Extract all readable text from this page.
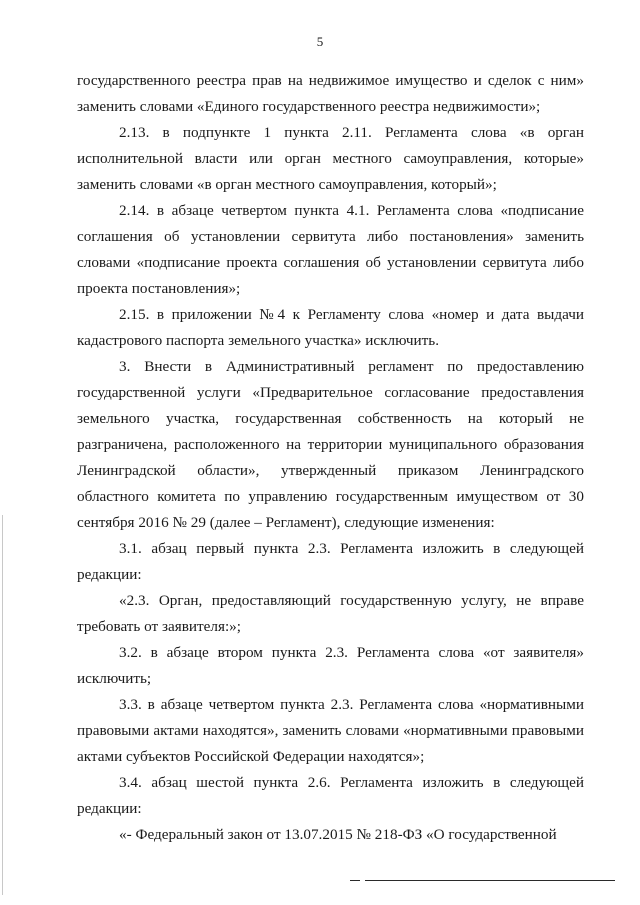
5

государственного реестра прав на недвижимое имущество и сделок с ним» заменить словами «Единого государственного реестра недвижимости»;

2.13. в подпункте 1 пункта 2.11. Регламента слова «в орган исполнительной власти или орган местного самоуправления, которые» заменить словами «в орган местного самоуправления, который»;

2.14. в абзаце четвертом пункта 4.1. Регламента слова «подписание соглашения об установлении сервитута либо постановления» заменить словами «подписание проекта соглашения об установлении сервитута либо проекта постановления»;

2.15. в приложении №4 к Регламенту слова «номер и дата выдачи кадастрового паспорта земельного участка» исключить.

3. Внести в Административный регламент по предоставлению государственной услуги «Предварительное согласование предоставления земельного участка, государственная собственность на который не разграничена, расположенного на территории муниципального образования Ленинградской области», утвержденный приказом Ленинградского областного комитета по управлению государственным имуществом от 30 сентября 2016 № 29 (далее – Регламент), следующие изменения:

3.1. абзац первый пункта 2.3. Регламента изложить в следующей редакции:

«2.3. Орган, предоставляющий государственную услугу, не вправе требовать от заявителя:»;

3.2. в абзаце втором пункта 2.3. Регламента слова «от заявителя» исключить;

3.3. в абзаце четвертом пункта 2.3. Регламента слова «нормативными правовыми актами находятся», заменить словами «нормативными правовыми актами субъектов Российской Федерации находятся»;

3.4. абзац шестой пункта 2.6. Регламента изложить в следующей редакции:

«- Федеральный закон от 13.07.2015 № 218-ФЗ «О государственной
